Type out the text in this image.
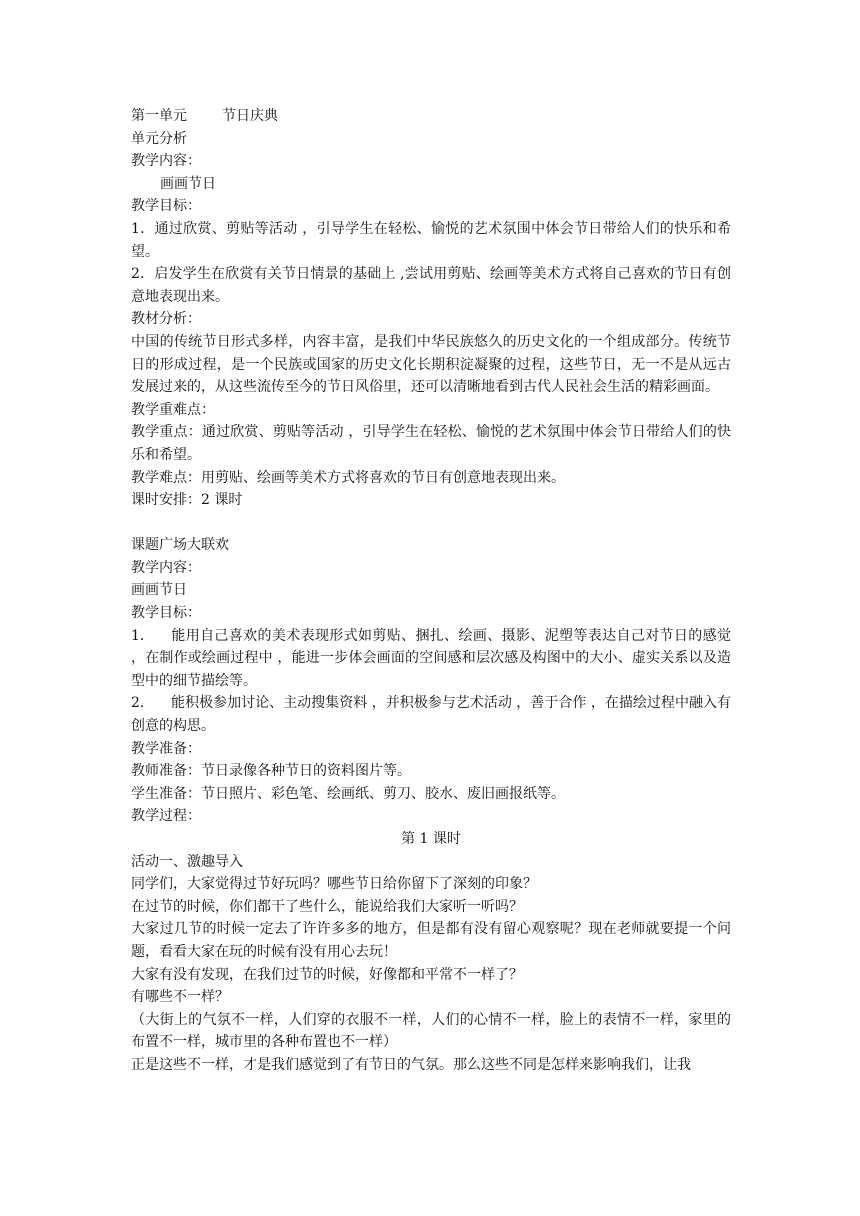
第一单元	节日庆典
单元分析
教学内容：
画画节日
教学目标：
1．通过欣赏、剪贴等活动 ，引导学生在轻松、愉悦的艺术氛围中体会节日带给人们的快乐和希望。
2．启发学生在欣赏有关节日情景的基础上 ,尝试用剪贴、绘画等美术方式将自己喜欢的节日有创意地表现出来。
教材分析：
中国的传统节日形式多样，内容丰富，是我们中华民族悠久的历史文化的一个组成部分。传统节日的形成过程，是一个民族或国家的历史文化长期积淀凝聚的过程，这些节日，无一不是从远古发展过来的，从这些流传至今的节日风俗里，还可以清晰地看到古代人民社会生活的精彩画面。
教学重难点：
教学重点：通过欣赏、剪贴等活动 ，引导学生在轻松、愉悦的艺术氛围中体会节日带给人们的快乐和希望。
教学难点：用剪贴、绘画等美术方式将喜欢的节日有创意地表现出来。
课时安排：2 课时
课题广场大联欢
教学内容：
画画节日
教学目标：
1． 能用自己喜欢的美术表现形式如剪贴、捆扎、绘画、摄影、泥塑等表达自己对节日的感觉 ，在制作或绘画过程中 ，能进一步体会画面的空间感和层次感及构图中的大小、虚实关系以及造型中的细节描绘等。
2． 能积极参加讨论、主动搜集资料 ，并积极参与艺术活动 ，善于合作 ，在描绘过程中融入有创意的构思。
教学准备：
教师准备：节日录像各种节日的资料图片等。
学生准备：节日照片、彩色笔、绘画纸、剪刀、胶水、废旧画报纸等。
教学过程：
第 1 课时
活动一、激趣导入
同学们，大家觉得过节好玩吗？哪些节日给你留下了深刻的印象？
在过节的时候，你们都干了些什么，能说给我们大家听一听吗？
大家过几节的时候一定去了许许多多的地方，但是都有没有留心观察呢？现在老师就要提一个问题，看看大家在玩的时候有没有用心去玩！
大家有没有发现，在我们过节的时候，好像都和平常不一样了？
有哪些不一样？
（大街上的气氛不一样，人们穿的衣服不一样，人们的心情不一样，脸上的表情不一样，家里的布置不一样，城市里的各种布置也不一样）
正是这些不一样，才是我们感觉到了有节日的气氛。那么这些不同是怎样来影响我们，让我
